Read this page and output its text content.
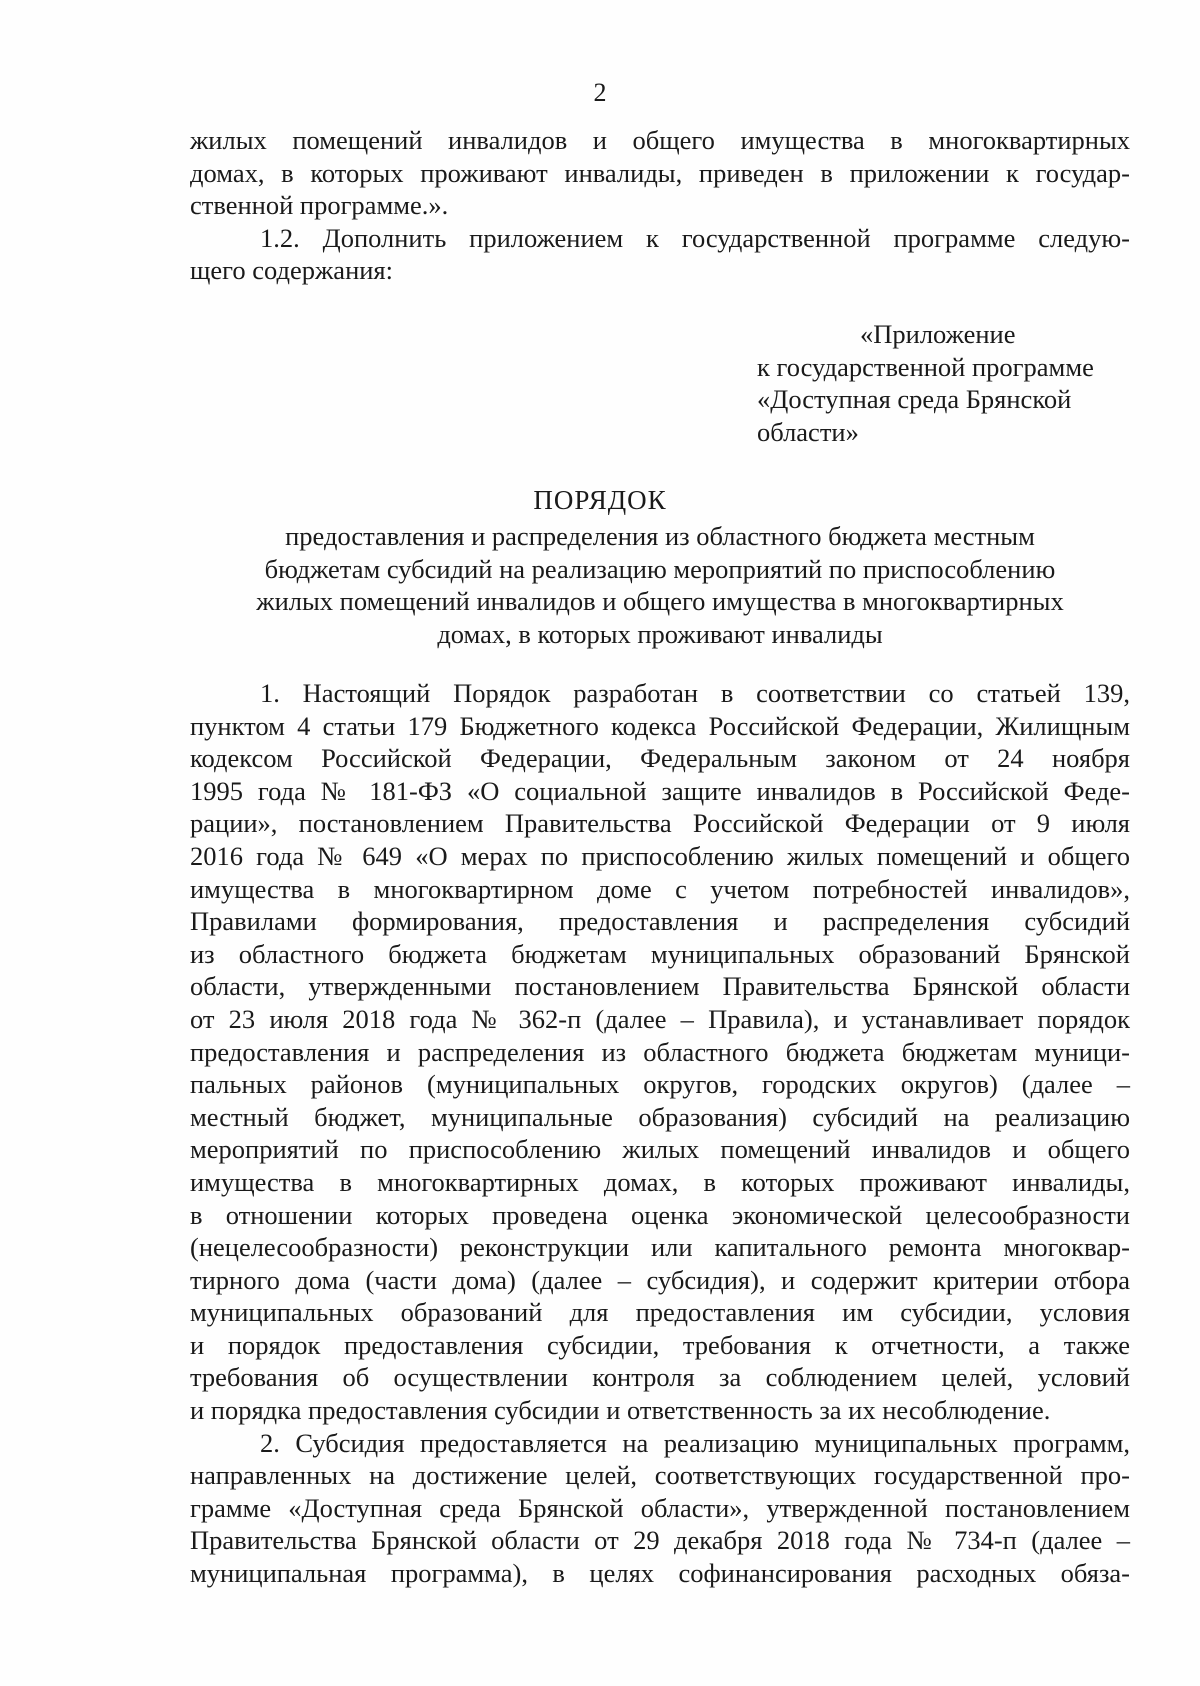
2
жилых помещений инвалидов и общего имущества в многоквартирных
домах, в которых проживают инвалиды, приведен в приложении к государ-
ственной программе.».
1.2. Дополнить приложением к государственной программе следую-
щего содержания:
«Приложение
к государственной программе
«Доступная среда Брянской
области»
ПОРЯДОК
предоставления и распределения из областного бюджета местным
бюджетам субсидий на реализацию мероприятий по приспособлению
жилых помещений инвалидов и общего имущества в многоквартирных
домах, в которых проживают инвалиды
1. Настоящий Порядок разработан в соответствии со статьей 139,
пунктом 4 статьи 179 Бюджетного кодекса Российской Федерации, Жилищным
кодексом Российской Федерации, Федеральным законом от 24 ноября
1995 года № 181-ФЗ «О социальной защите инвалидов в Российской Феде-
рации», постановлением Правительства Российской Федерации от 9 июля
2016 года № 649 «О мерах по приспособлению жилых помещений и общего
имущества в многоквартирном доме с учетом потребностей инвалидов»,
Правилами формирования, предоставления и распределения субсидий
из областного бюджета бюджетам муниципальных образований Брянской
области, утвержденными постановлением Правительства Брянской области
от 23 июля 2018 года № 362-п (далее – Правила), и устанавливает порядок
предоставления и распределения из областного бюджета бюджетам муници-
пальных районов (муниципальных округов, городских округов) (далее –
местный бюджет, муниципальные образования) субсидий на реализацию
мероприятий по приспособлению жилых помещений инвалидов и общего
имущества в многоквартирных домах, в которых проживают инвалиды,
в отношении которых проведена оценка экономической целесообразности
(нецелесообразности) реконструкции или капитального ремонта многоквар-
тирного дома (части дома) (далее – субсидия), и содержит критерии отбора
муниципальных образований для предоставления им субсидии, условия
и порядок предоставления субсидии, требования к отчетности, а также
требования об осуществлении контроля за соблюдением целей, условий
и порядка предоставления субсидии и ответственность за их несоблюдение.
2. Субсидия предоставляется на реализацию муниципальных программ,
направленных на достижение целей, соответствующих государственной про-
грамме «Доступная среда Брянской области», утвержденной постановлением
Правительства Брянской области от 29 декабря 2018 года № 734-п (далее –
муниципальная программа), в целях софинансирования расходных обяза-
